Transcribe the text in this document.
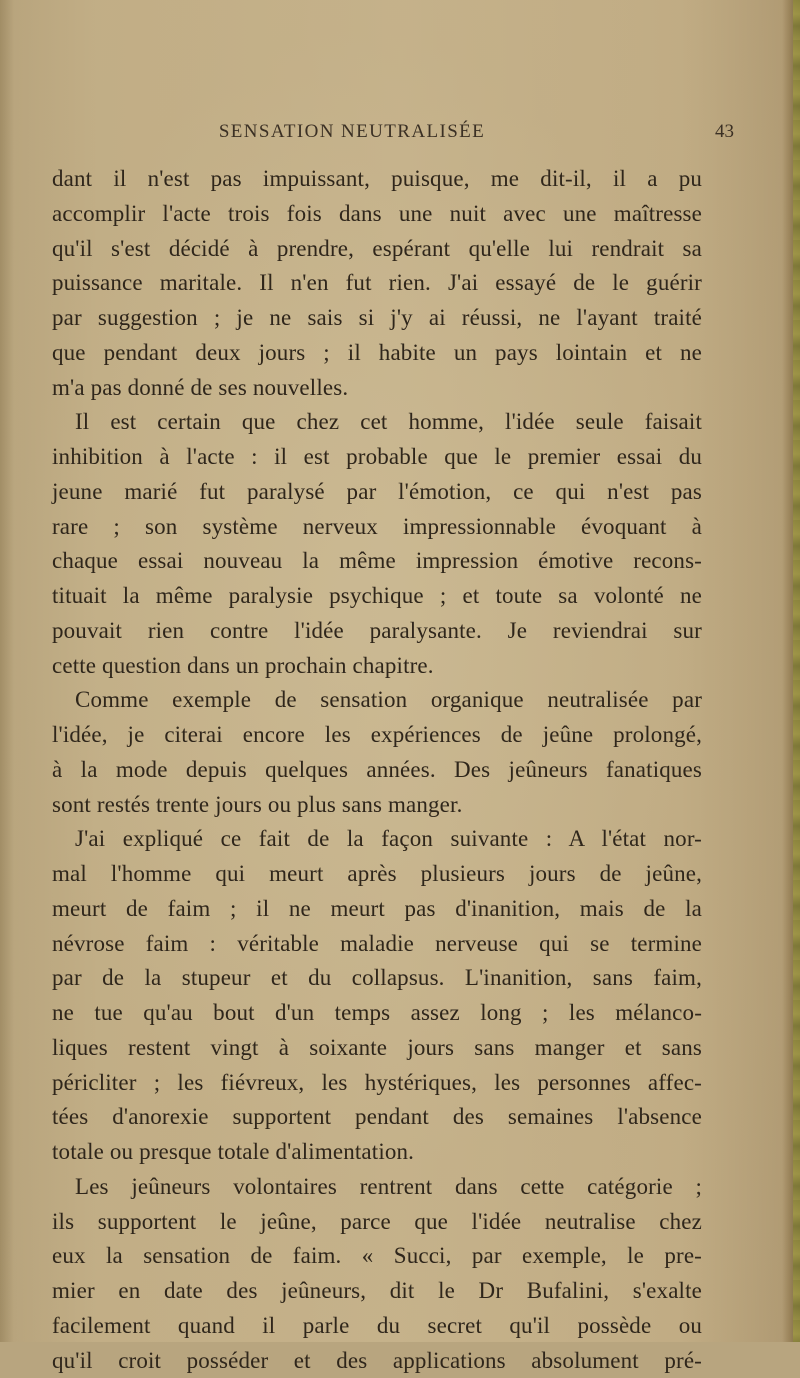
SENSATION NEUTRALISÉE	43
dant il n'est pas impuissant, puisque, me dit-il, il a pu
accomplir l'acte trois fois dans une nuit avec une maîtresse
qu'il s'est décidé à prendre, espérant qu'elle lui rendrait sa
puissance maritale. Il n'en fut rien. J'ai essayé de le guérir
par suggestion ; je ne sais si j'y ai réussi, ne l'ayant traité
que pendant deux jours ; il habite un pays lointain et ne
m'a pas donné de ses nouvelles.
Il est certain que chez cet homme, l'idée seule faisait
inhibition à l'acte : il est probable que le premier essai du
jeune marié fut paralysé par l'émotion, ce qui n'est pas
rare ; son système nerveux impressionnable évoquant à
chaque essai nouveau la même impression émotive recons-
tituait la même paralysie psychique ; et toute sa volonté ne
pouvait rien contre l'idée paralysante. Je reviendrai sur
cette question dans un prochain chapitre.
Comme exemple de sensation organique neutralisée par
l'idée, je citerai encore les expériences de jeûne prolongé,
à la mode depuis quelques années. Des jeûneurs fanatiques
sont restés trente jours ou plus sans manger.
J'ai expliqué ce fait de la façon suivante : A l'état nor-
mal l'homme qui meurt après plusieurs jours de jeûne,
meurt de faim ; il ne meurt pas d'inanition, mais de la
névrose faim : véritable maladie nerveuse qui se termine
par de la stupeur et du collapsus. L'inanition, sans faim,
ne tue qu'au bout d'un temps assez long ; les mélanco-
liques restent vingt à soixante jours sans manger et sans
péricliter ; les fiévreux, les hystériques, les personnes affec-
tées d'anorexie supportent pendant des semaines l'absence
totale ou presque totale d'alimentation.
Les jeûneurs volontaires rentrent dans cette catégorie ;
ils supportent le jeûne, parce que l'idée neutralise chez
eux la sensation de faim. « Succi, par exemple, le pre-
mier en date des jeûneurs, dit le Dr Bufalini, s'exalte
facilement quand il parle du secret qu'il possède ou
qu'il croit posséder et des applications absolument pré-
